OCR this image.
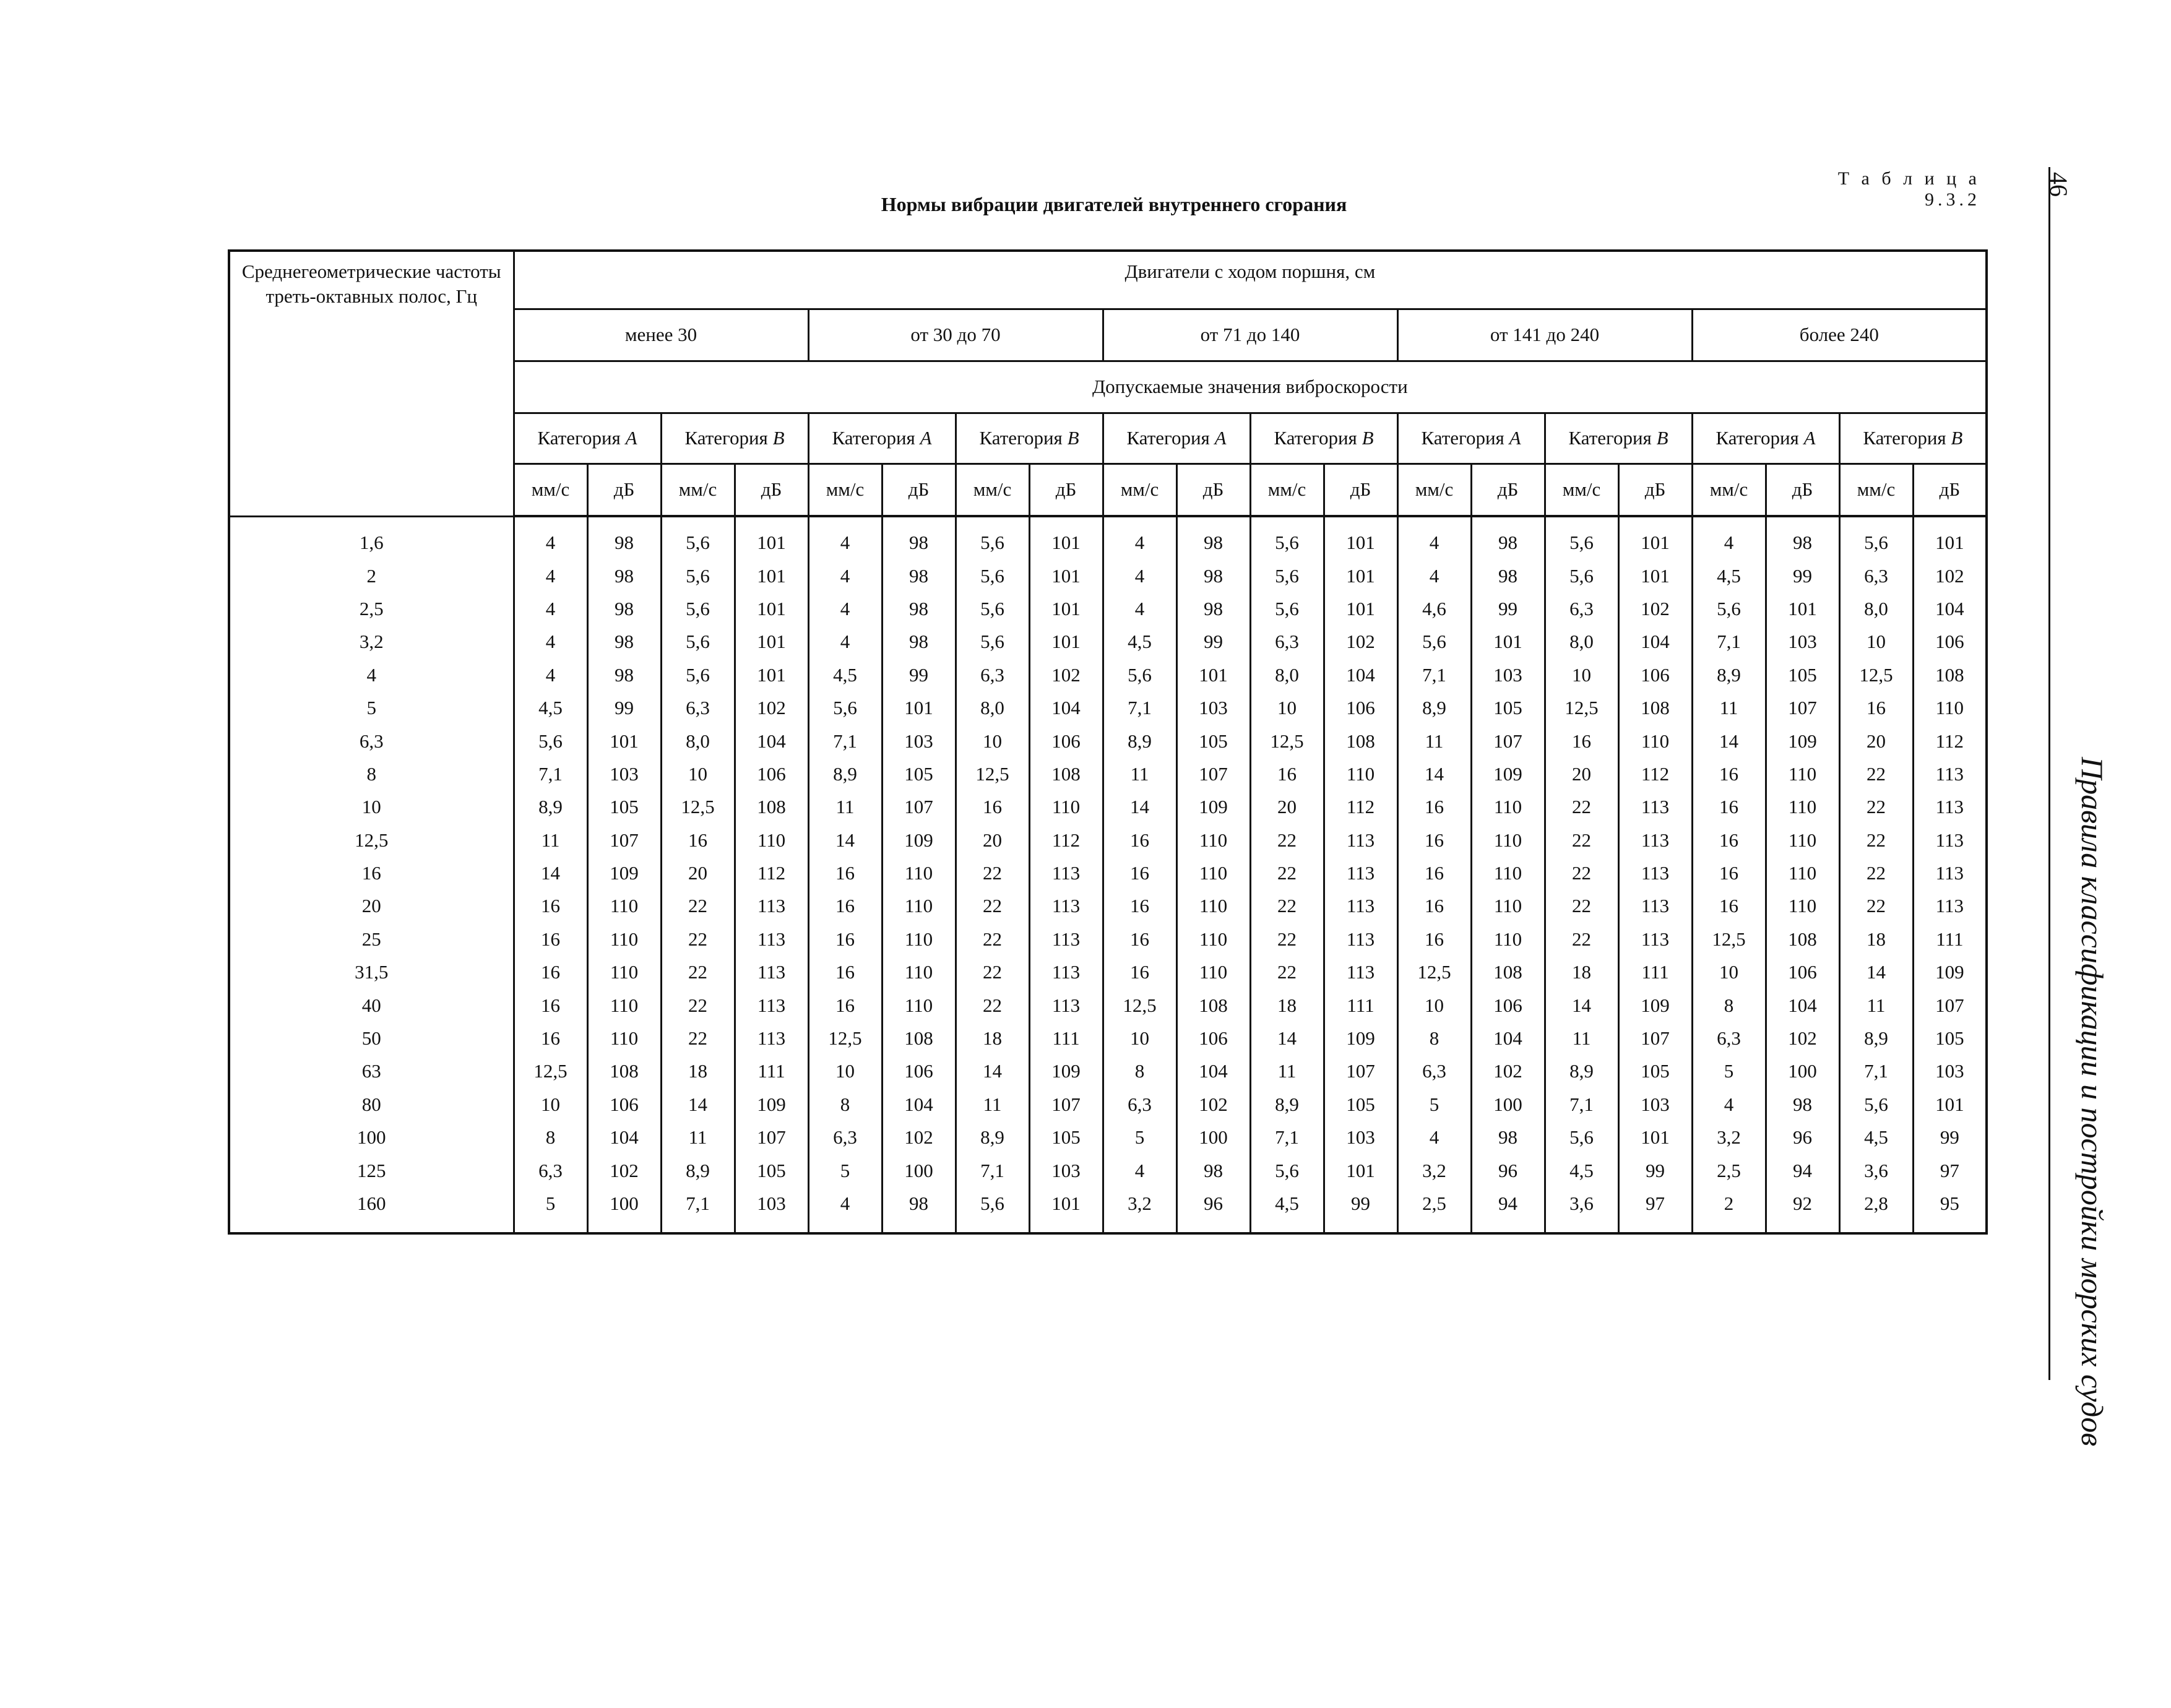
Т а б л и ц а 9.3.2
Нормы вибрации двигателей внутреннего сгорания
Среднегеометрические частоты треть-октавных полос, Гц	Двигатели с ходом поршня, см																			
	менее 30				от 30 до 70				от 71 до 140				от 141 до 240				более 240			
	Допускаемые значения виброскорости																			
	Категория A		Категория B		Категория A		Категория B		Категория A		Категория B		Категория A		Категория B		Категория A		Категория B	
	мм/с	дБ	мм/с	дБ	мм/с	дБ	мм/с	дБ	мм/с	дБ	мм/с	дБ	мм/с	дБ	мм/с	дБ	мм/с	дБ	мм/с	дБ
1,6	4	98	5,6	101	4	98	5,6	101	4	98	5,6	101	4	98	5,6	101	4	98	5,6	101
2	4	98	5,6	101	4	98	5,6	101	4	98	5,6	101	4	98	5,6	101	4,5	99	6,3	102
2,5	4	98	5,6	101	4	98	5,6	101	4	98	5,6	101	4,6	99	6,3	102	5,6	101	8,0	104
3,2	4	98	5,6	101	4	98	5,6	101	4,5	99	6,3	102	5,6	101	8,0	104	7,1	103	10	106
4	4	98	5,6	101	4,5	99	6,3	102	5,6	101	8,0	104	7,1	103	10	106	8,9	105	12,5	108
5	4,5	99	6,3	102	5,6	101	8,0	104	7,1	103	10	106	8,9	105	12,5	108	11	107	16	110
6,3	5,6	101	8,0	104	7,1	103	10	106	8,9	105	12,5	108	11	107	16	110	14	109	20	112
8	7,1	103	10	106	8,9	105	12,5	108	11	107	16	110	14	109	20	112	16	110	22	113
10	8,9	105	12,5	108	11	107	16	110	14	109	20	112	16	110	22	113	16	110	22	113
12,5	11	107	16	110	14	109	20	112	16	110	22	113	16	110	22	113	16	110	22	113
16	14	109	20	112	16	110	22	113	16	110	22	113	16	110	22	113	16	110	22	113
20	16	110	22	113	16	110	22	113	16	110	22	113	16	110	22	113	16	110	22	113
25	16	110	22	113	16	110	22	113	16	110	22	113	16	110	22	113	12,5	108	18	111
31,5	16	110	22	113	16	110	22	113	16	110	22	113	12,5	108	18	111	10	106	14	109
40	16	110	22	113	16	110	22	113	12,5	108	18	111	10	106	14	109	8	104	11	107
50	16	110	22	113	12,5	108	18	111	10	106	14	109	8	104	11	107	6,3	102	8,9	105
63	12,5	108	18	111	10	106	14	109	8	104	11	107	6,3	102	8,9	105	5	100	7,1	103
80	10	106	14	109	8	104	11	107	6,3	102	8,9	105	5	100	7,1	103	4	98	5,6	101
100	8	104	11	107	6,3	102	8,9	105	5	100	7,1	103	4	98	5,6	101	3,2	96	4,5	99
125	6,3	102	8,9	105	5	100	7,1	103	4	98	5,6	101	3,2	96	4,5	99	2,5	94	3,6	97
160	5	100	7,1	103	4	98	5,6	101	3,2	96	4,5	99	2,5	94	3,6	97	2	92	2,8	95
46
Правила классификации и постройки морских судов
